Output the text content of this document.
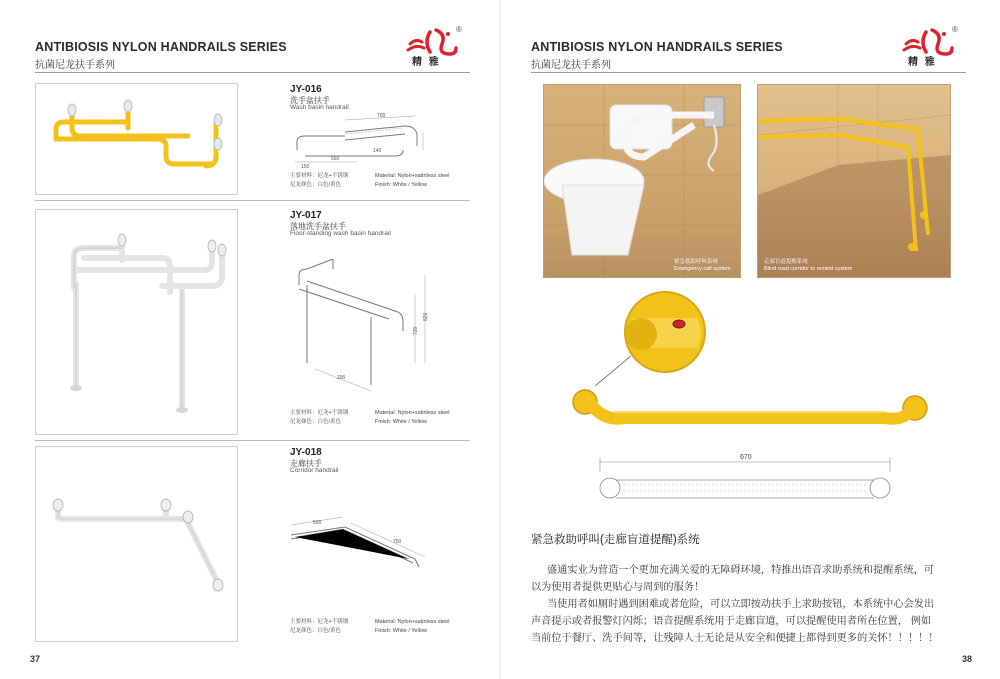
ANTIBIOSIS NYLON HANDRAILS SERIES
抗菌尼龙扶手系列
®
精 雅
JY-016
洗手盆扶手
Wash basin handrail
700
150
550
140
主要材料：尼龙+不锈钢
尼龙颜色：白色/黄色
Material: Nylon+satinless steel
Finish: White / Yellow
JY-017
落地洗手盆扶手
Floor-standing wash basin handrail
820
720
200
主要材料：尼龙+不锈钢
尼龙颜色：白色/黄色
Material: Nylon+satinless steel
Finish: White / Yellow
JY-018
走廊扶手
Corridor handrail
500
750
主要材料：尼龙+不锈钢
尼龙颜色：白色/黄色
Material: Nylon+satinless steel
Finish: White / Yellow
37
ANTIBIOSIS NYLON HANDRAILS SERIES
抗菌尼龙扶手系列
®
精 雅
紧急救助呼叫系统
Emergency call system
走廊盲道提醒系统
Blind road corridor to remind system
670
紧急救助呼叫(走廊盲道提醒)系统
盛通实业为营造一个更加充满关爱的无障碍环境，特推出语音求助系统和提醒系统，可
以为使用者提供更贴心与周到的服务！
当使用者如厕时遇到困难或者危险，可以立即按动扶手上求助按钮，本系统中心会发出
声音提示或者报警灯闪烁；语音提醒系统用于走廊盲道，可以提醒使用者所在位置， 例如
当前位于餐厅、洗手间等，让残障人士无论是从安全和便捷上都得到更多的关怀！！！！！
38
